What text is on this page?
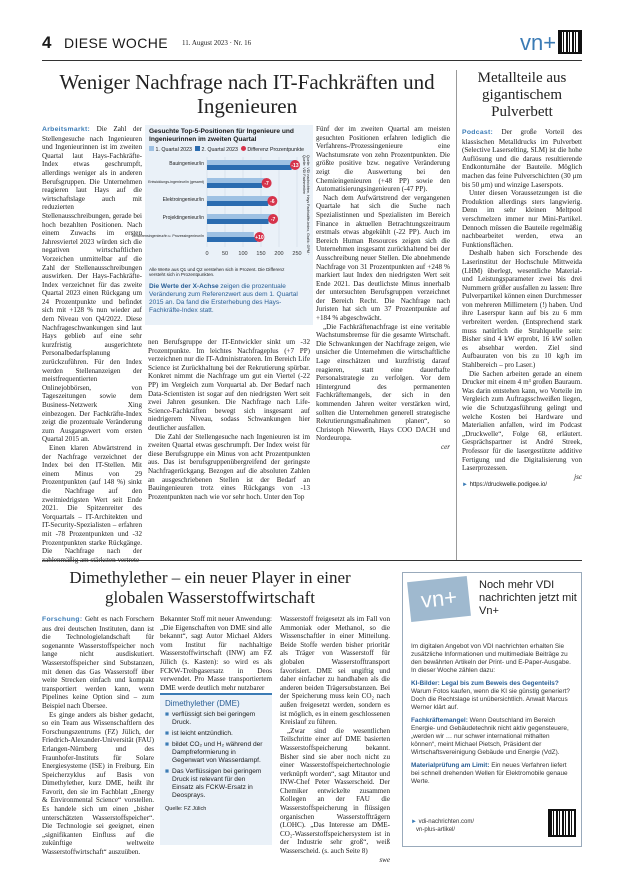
4 DIESE WOCHE 11. August 2023 · Nr. 16	vn+
Weniger Nachfrage nach IT-Fachkräften und Ingenieuren

Arbeitsmarkt: Die Zahl der Stellengesuche nach Ingenieuren und Ingenieurinnen ist im zweiten Quartal laut Hays-Fachkräfte-Index etwas geschrumpft, allerdings weniger als in anderen Berufsgruppen. Die Unternehmen reagieren laut Hays auf die wirtschaftslage auch mit reduzierten Stellenausschreibungen, gerade bei hoch bezahlten Positionen. Nach einem Zuwachs im ersten Jahresviertel 2023 würden sich die negativen wirtschaftlichen Vorzeichen unmittelbar auf die Zahl der Stellenausschreibungen auswirken. Der Hays-Fachkräfte-Index verzeichnet für das zweite Quartal 2023 einen Rückgang um 24 Prozentpunkte und befindet sich mit +128 % nun wieder auf dem Niveau von Q4/2022. Diese Nachfrageschwankungen sind laut Hays geblieb auf eine sehr kurzfristig ausgerichtete Personalbedarfsplanung zurückzuführen. Für den Index werden Stellenanzeigen der meistfrequentierten Onlinejobbörsen, von Tageszeitungen sowie dem Business-Netzwerk Xing einbezogen. Der Fachkräfte-Index zeigt die prozentuale Veränderung zum Ausgangswert vom ersten Quartal 2015 an.

Einen klaren Abwärtstrend in der Nachfrage verzeichnet der Index bei den IT-Stellen. Mit einem Minus von 29 Prozentpunkten (auf 148 %) sinkt die Nachfrage auf den zweitniedrigsten Wert seit Ende 2021. Die Spitzenreiter des Vorquartals – IT-Architekten und IT-Security-Spezialisten – erfahren mit -78 Prozentpunkten und -32 Prozentpunkten starke Rückgänge. Die Nachfrage nach der zahlenmäßig am stärksten vertrete-

Gesuchte Top-5-Positionen für Ingenieure und Ingenieurinnen im zweiten Quartal
1. Quartal 2023 2. Quartal 2023 Differenz Prozentpunkte
0 50 100 150 200 250
Bauingenieur/in	-13
Entwicklungs-ingenieur/in (gesamt)	-7
Elektroingenieur/in	-6
Projektingenieur/in	-7
Verfahrensingenieur/in u. Prozessingenieur/in	+10
Alle Werte aus Q1 und Q2 verstehen sich in Prozent. Die Differenz versteht sich in Prozentpunkten.
Quelle: VDI nachrichten, Hays Fachkräfte-Index, Grafik: GPM · Quelle: VDI Fachmedien
Die Werte der X-Achse zeigen die prozentuale Veränderung zum Referenzwert aus dem 1. Quartal 2015 an. Da fand die Ersterhebung des Hays-Fachkräfte-Index statt.

nen Berufsgruppe der IT-Entwickler sinkt um -32 Prozentpunkte. Im leichtes Nachfrageplus (+7 PP) verzeichnen nur die IT-Administratoren. Im Bereich Life Science ist Zurückhaltung bei der Rekrutierung spürbar. Konkret nimmt die Nachfrage um gut ein Viertel (-22 PP) im Vergleich zum Vorquartal ab. Der Bedarf nach Data-Scientisten ist sogar auf den niedrigsten Wert seit zwei Jahren gesunken. Die Nachfrage nach Life-Science-Fachkräften bewegt sich insgesamt auf niedrigerem Niveau, sodass Schwankungen hier deutlicher ausfallen.

Die Zahl der Stellengesuche nach Ingenieuren ist im zweiten Quartal etwas geschrumpft. Der Index weist für diese Berufsgruppe ein Minus von acht Prozentpunkten aus. Das ist berufsgruppenübergreifend der geringste Nachfragerückgang. Bezogen auf die absoluten Zahlen an ausgeschriebenen Stellen ist der Bedarf an Bauingenieuren trotz eines Rückgangs von -13 Prozentpunkten nach wie vor sehr hoch. Unter den Top

Fünf der im zweiten Quartal am meisten gesuchten Positionen erfahren lediglich die Verfahrens-/Prozessingenieure eine Wachstumsrate von zehn Prozentpunkten. Die größte positive bzw. negative Veränderung zeigt die Auswertung bei den Chemieingenieuren (+48 PP) sowie den Automatisierungsingenieuren (-47 PP).

Nach dem Aufwärtstrend der vergangenen Quartale hat sich die Suche nach Spezialistinnen und Spezialisten im Bereich Finance in aktuellen Betrachtungszeitraum erstmals etwas abgekühlt (-22 PP). Auch im Bereich Human Resources zeigen sich die Unternehmen insgesamt zurückhaltend bei der Ausschreibung neuer Stellen. Die abnehmende Nachfrage von 31 Prozentpunkten auf +248 % markiert laut Index den niedrigsten Wert seit Ende 2021. Das deutlichste Minus innerhalb der untersuchten Berufsgruppen verzeichnet der Bereich Recht. Die Nachfrage nach Juristen hat sich um 37 Prozentpunkte auf +184 % abgeschwächt.

„Die Fachkräftenachfrage ist eine veritable Wachstumsbremse für die gesamte Wirtschaft. Die Schwankungen der Nachfrage zeigen, wie unsicher die Unternehmen die wirtschaftliche Lage einschätzen und kurzfristig darauf reagieren, statt eine dauerhafte Personalstrategie zu verfolgen. Vor dem Hintergrund des permanenten Fachkräftemangels, der sich in den kommenden Jahren weiter verstärken wird, sollten die Unternehmen generell strategische Rekrutierungsmaßnahmen planen“, so Christoph Niewerth, Hays COO DACH und Nordeuropa.

cer

Metallteile aus gigantischem Pulverbett

Podcast: Der große Vorteil des klassischen Metalldrucks im Pulverbett (Selective Laserselting, SLM) ist die hohe Auflösung und die daraus resultierende Endkonturnähe der Bauteile. Möglich machen das feine Pulverschichten (30 μm bis 50 μm) und winzige Laserspots.

Unter diesen Voraussetzungen ist die Produktion allerdings sters langwierig. Denn im sehr kleinen Meltpool verschmelzen immer nur Mini-Partikel. Dennoch müssen die Bauteile regelmäßig nachbearbeitet werden, etwa an Funktionsflächen.

Deshalb haben sich Forschende des Laserinstitut der Hochschule Mittweida (LHM) überlegt, wesentliche Material- und Leistungsparameter zwei bis drei Nummern größer ausfallen zu lassen: Ihre Pulverpartikel können einen Durchmesser von mehreren Millimetern (!) haben. Und ihre Laserspur kann auf bis zu 6 mm verbreitert werden. (Entsprechend stark muss natürlich die Strahlquelle sein: Bisher sind 4 kW erprobt, 16 kW sollen es absehbar werden. Ziel sind Aufbauraten von bis zu 10 kg/h im Stahlbereich – pro Laser.)

Die Sachen arbeiten gerade an einem Drucker mit einem 4 m³ großen Bauraum. Was darin entstehen kann, wo Vorteile im Vergleich zum Auftragsschweißen liegen, wie die Schutzgasführung gelingt und welche Kosten bei Hardware und Materialien anfallen, wird im Podcast „Druckwelle“, Folge 68, erläutert. Gesprächspartner ist André Streek, Professor für die lasergestützte additive Fertigung und die Digitalisierung von Laserprozessen.

jsc

► https://druckwelle.podigee.io/

Dimethylether – ein neuer Player in einer globalen Wasserstoffwirtschaft

Forschung: Geht es nach Forschern aus drei deutschen Instituten, dann ist die Technologielandschaft für sogenannte Wasserstoffspeicher noch lange nicht ausdiskutiert. Wasserstoffspeicher sind Substanzen, mit denen das Gas Wasserstoff über weite Strecken einfach und kompakt transportiert werden kann, wenn Pipelines keine Option sind – zum Beispiel nach Übersee.

Es ginge anders als bisher gedacht, so ein Team aus Wissenschaftlern des Forschungszentrums (FZ) Jülich, der Friedrich-Alexander-Universität (FAU) Erlangen-Nürnberg und des Fraunhofer-Instituts für Solare Energiesysteme (ISE) in Freiburg. Ein Speicherzyklus auf Basis von Dimethylether, kurz DME, heißt ihr Favorit, den sie im Fachblatt „Energy & Environmental Science“ vorstellen. Es handele sich um einen „bisher unterschätzten Wasserstoffspeicher“. Die Technologie sei geeignet, einen „signifikanten Einfluss auf die zukünftige weltweite Wasserstoffwirtschaft“ auszuüben.

Bekannter Stoff mit neuer Anwendung: „Die Eigenschaften von DME sind alle bekannt“, sagt Autor Michael Alders vom Institut für nachhaltige Wasserstoffwirtschaft (INW) am FZ Jülich (s. Kasten): so wird es als FCKW-Treibgasersatz in Deos verwendet. Pro Masse transportiertem DME werde deutlich mehr nutzbarer

Dimethylether (DME)
■ verflüssigt sich bei geringem Druck.
■ ist leicht entzündlich.
■ bildet CO₂ und H₂ während der Dampfreformierung in Gegenwart von Wasserdampf.
■ Das Verflüssigen bei geringem Druck ist relevant für den Einsatz als FCKW-Ersatz in Deosprays.
Quelle: FZ Jülich

Wasserstoff freigesetzt als im Fall von Ammoniak oder Methanol, so die Wissenschaftler in einer Mitteilung. Beide Stoffe werden bisher prioritär als Träger von Wasserstoff für globalen Wasserstofftransport favorisiert. DME sei ungiftig und daher einfacher zu handhaben als die anderen beiden Trägersubstanzen. Bei der Speicherung muss kein CO₂ nach außen freigesetzt werden, sondern es ist möglich, es in einem geschlossenen Kreislauf zu führen.

„Zwar sind die wesentlichen Teilschritte einer auf DME basierten Wasserstoffspeicherung bekannt. Bisher sind sie aber noch nicht zu einer Wasserstoffspeichertechnologie verknüpft worden“, sagt Mitautor und INW-Chef Peter Wasserscheid. Der Chemiker entwickelte zusammen Kollegen an der FAU die Wasserstoffspeicherung in flüssigen organischen Wasserstoffträgern (LOHC). „Das Interesse am DME-CO₂-Wasserstoffspeichersystem ist in der Industrie sehr groß“, weiß Wasserscheid. (s. auch Seite 8)

swe

vn+ Noch mehr VDI nachrichten jetzt mit Vn+

Im digitalen Angebot von VDI nachrichten erhalten Sie zusätzliche Informationen und multimediale Beiträge zu den bewährten Artikeln der Print- und E-Paper-Ausgabe. In dieser Woche zählen dazu:

KI-Bilder: Legal bis zum Beweis des Gegenteils? Warum Fotos kaufen, wenn die KI sie günstig generiert? Doch die Rechtslage ist unübersichtlich. Anwalt Marcus Werner klärt auf.

Fachkräftemangel: Wenn Deutschland im Bereich Energie- und Gebäudetechnik nicht aktiv gegensteuere, „werden wir … nur schwer international mithalten können“, meint Michael Pietsch, Präsident der Wirtschaftsvereinigung Gebäude und Energie (VdZ).

Materialprüfung am Limit: Ein neues Verfahren liefert bei schnell drehenden Wellen für Elektromobile genaue Werte.

► vdi-nachrichten.com/
vn-plus-artikel/
